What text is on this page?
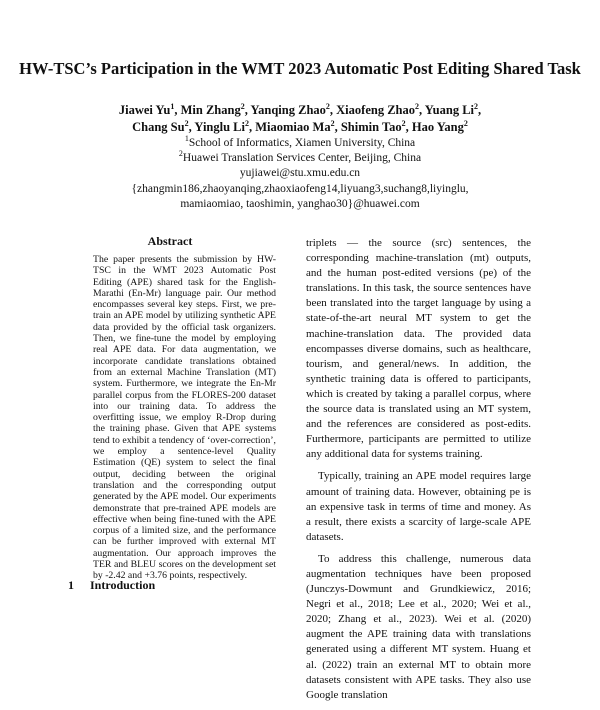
HW-TSC’s Participation in the WMT 2023 Automatic Post Editing Shared Task
Jiawei Yu$^1$, Min Zhang$^2$, Yanqing Zhao$^2$, Xiaofeng Zhao$^2$, Yuang Li$^2$,
Chang Su$^2$, Yinglu Li$^2$, Miaomiao Ma$^2$, Shimin Tao$^2$, Hao Yang$^2$
$^1$School of Informatics, Xiamen University, China
$^2$Huawei Translation Services Center, Beijing, China
yujiawei@stu.xmu.edu.cn
{zhangmin186,zhaoyanqing,zhaoxiaofeng14,liyuang3,suchang8,liyinglu,
mamiaomiao, taoshimin, yanghao30}@huawei.com
Abstract
The paper presents the submission by HW-TSC in the WMT 2023 Automatic Post Editing (APE) shared task for the English-Marathi (En-Mr) language pair. Our method encompasses several key steps. First, we pre-train an APE model by utilizing synthetic APE data provided by the official task organizers. Then, we fine-tune the model by employing real APE data. For data augmentation, we incorporate candidate translations obtained from an external Machine Translation (MT) system. Furthermore, we integrate the En-Mr parallel corpus from the FLORES-200 dataset into our training data. To address the overfitting issue, we employ R-Drop during the training phase. Given that APE systems tend to exhibit a tendency of ‘over-correction’, we employ a sentence-level Quality Estimation (QE) system to select the final output, deciding between the original translation and the corresponding output generated by the APE model. Our experiments demonstrate that pre-trained APE models are effective when being fine-tuned with the APE corpus of a limited size, and the performance can be further improved with external MT augmentation. Our approach improves the TER and BLEU scores on the development set by -2.42 and +3.76 points, respectively.

triplets — the source (src) sentences, the corresponding machine-translation (mt) outputs, and the human post-edited versions (pe) of the translations. In this task, the source sentences have been translated into the target language by using a state-of-the-art neural MT system to get the machine-translation data. The provided data encompasses diverse domains, such as healthcare, tourism, and general/news. In addition, the synthetic training data is offered to participants, which is created by taking a parallel corpus, where the source data is translated using an MT system, and the references are considered as post-edits. Furthermore, participants are permitted to utilize any additional data for systems training.

Typically, training an APE model requires large amount of training data. However, obtaining pe is an expensive task in terms of time and money. As a result, there exists a scarcity of large-scale APE datasets.

To address this challenge, numerous data augmentation techniques have been proposed (Junczys-Dowmunt and Grundkiewicz, 2016; Negri et al., 2018; Lee et al., 2020; Wei et al., 2020; Zhang et al., 2023). Wei et al. (2020) augment the APE training data with translations generated using a different MT system. Huang et al. (2022) train an external MT to obtain more datasets consistent with APE tasks. They also use Google translation

1 Introduction
